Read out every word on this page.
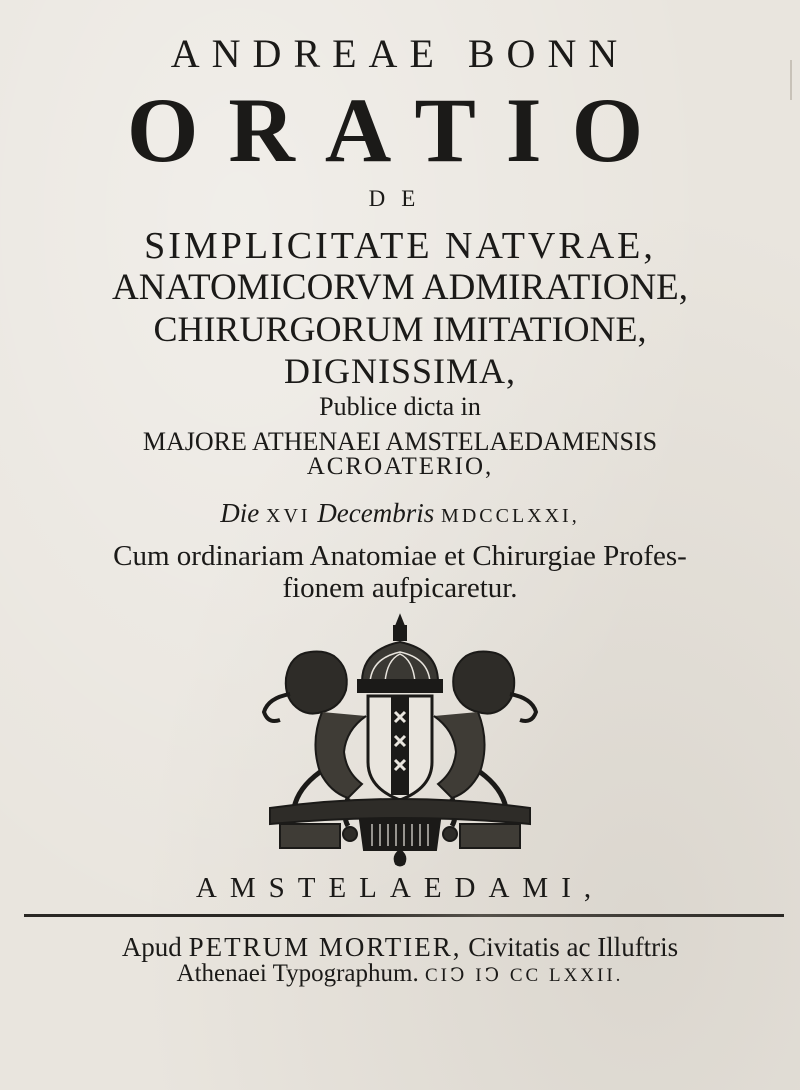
ANDREAE BONN
ORATIO
DE
SIMPLICITATE NATVRAE,
ANATOMICORVM ADMIRATIONE,
CHIRURGORUM IMITATIONE,
DIGNISSIMA,
Publice dicta in
MAJORE ATHENAEI AMSTELAEDAMENSIS
ACROATERIO,
Die XVI Decembris MDCCLXXI,
Cum ordinariam Anatomiae et Chirurgiae Profes-
fionem aufpicaretur.
AMSTELAEDAMI,
Apud PETRUM MORTIER, Civitatis ac Illuftris
Athenaei Typographum. CIↃ IↃ CC LXXII.
